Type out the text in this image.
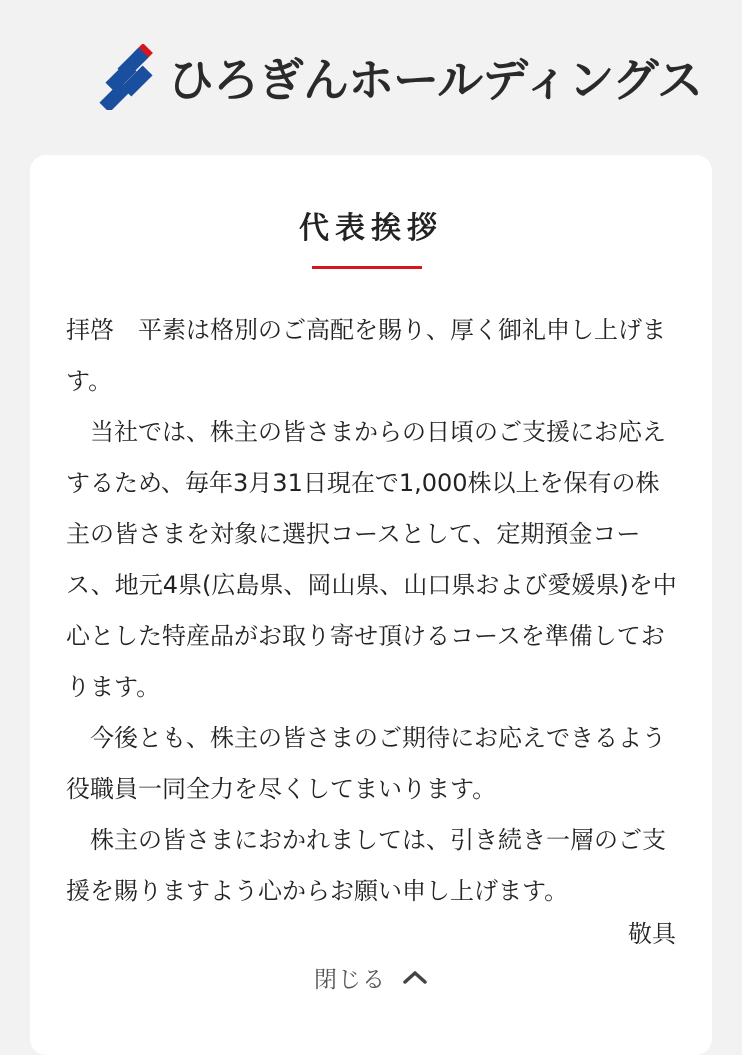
ひろぎんホールディングス
代表挨拶

拝啓　平素は格別のご高配を賜り、厚く御礼申し上げます。

　当社では、株主の皆さまからの日頃のご支援にお応えするため、毎年3月31日現在で1,000株以上を保有の株主の皆さまを対象に選択コースとして、定期預金コース、地元4県(広島県、岡山県、山口県および愛媛県)を中心とした特産品がお取り寄せ頂けるコースを準備しております。

　今後とも、株主の皆さまのご期待にお応えできるよう役職員一同全力を尽くしてまいります。

　株主の皆さまにおかれましては、引き続き一層のご支援を賜りますよう心からお願い申し上げます。

敬具
閉じる
